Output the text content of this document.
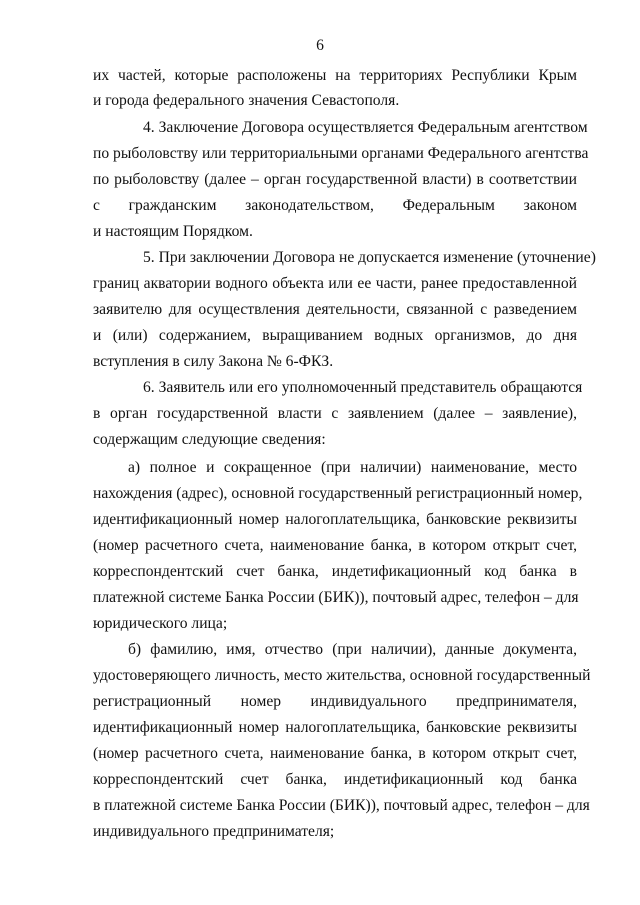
6
их частей, которые расположены на территориях Республики Крым
и города федерального значения Севастополя.
4. Заключение Договора осуществляется Федеральным агентством
по рыболовству или территориальными органами Федерального агентства
по рыболовству (далее – орган государственной власти) в соответствии
с гражданским законодательством, Федеральным законом
и настоящим Порядком.
5. При заключении Договора не допускается изменение (уточнение)
границ акватории водного объекта или ее части, ранее предоставленной
заявителю для осуществления деятельности, связанной с разведением
и (или) содержанием, выращиванием водных организмов, до дня
вступления в силу Закона № 6-ФКЗ.
6. Заявитель или его уполномоченный представитель обращаются
в орган государственной власти с заявлением (далее – заявление),
содержащим следующие сведения:
а) полное и сокращенное (при наличии) наименование, место
нахождения (адрес), основной государственный регистрационный номер,
идентификационный номер налогоплательщика, банковские реквизиты
(номер расчетного счета, наименование банка, в котором открыт счет,
корреспондентский счет банка, индетификационный код банка в
платежной системе Банка России (БИК)), почтовый адрес, телефон – для
юридического лица;
б) фамилию, имя, отчество (при наличии), данные документа,
удостоверяющего личность, место жительства, основной государственный
регистрационный номер индивидуального предпринимателя,
идентификационный номер налогоплательщика, банковские реквизиты
(номер расчетного счета, наименование банка, в котором открыт счет,
корреспондентский счет банка, индетификационный код банка
в платежной системе Банка России (БИК)), почтовый адрес, телефон – для
индивидуального предпринимателя;
